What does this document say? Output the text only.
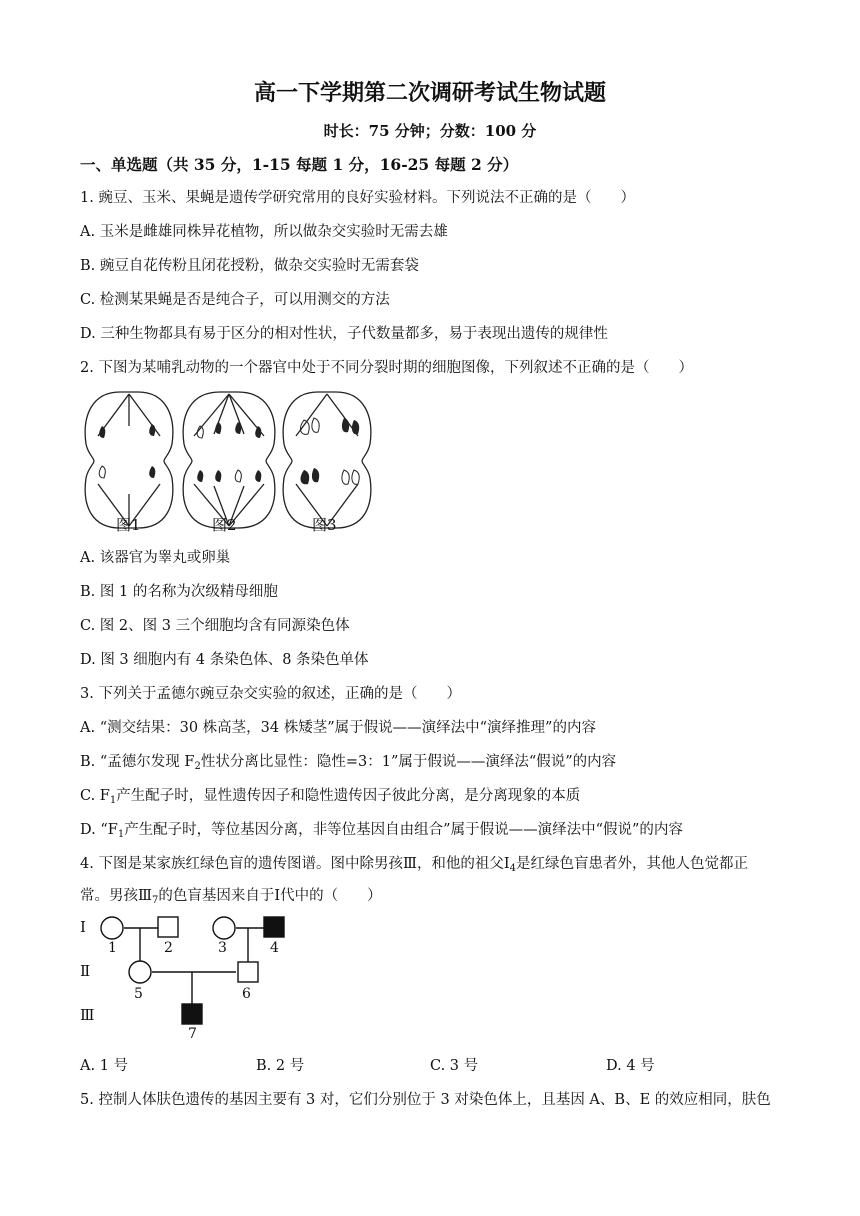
高一下学期第二次调研考试生物试题
时长：75 分钟；分数：100 分
一、单选题（共 35 分，1-15 每题 1 分，16-25 每题 2 分）
1. 豌豆、玉米、果蝇是遗传学研究常用的良好实验材料。下列说法不正确的是（　　）
A. 玉米是雌雄同株异花植物，所以做杂交实验时无需去雄
B. 豌豆自花传粉且闭花授粉，做杂交实验时无需套袋
C. 检测某果蝇是否是纯合子，可以用测交的方法
D. 三种生物都具有易于区分的相对性状，子代数量都多，易于表现出遗传的规律性
2. 下图为某哺乳动物的一个器官中处于不同分裂时期的细胞图像，下列叙述不正确的是（　　）
图1	图2	图3
A. 该器官为睾丸或卵巢
B. 图 1 的名称为次级精母细胞
C. 图 2、图 3 三个细胞均含有同源染色体
D. 图 3 细胞内有 4 条染色体、8 条染色单体
3. 下列关于孟德尔豌豆杂交实验的叙述，正确的是（　　）
A. “测交结果：30 株高茎，34 株矮茎”属于假说——演绎法中“演绎推理”的内容
B. “孟德尔发现 $F_2$性状分离比显性：隐性=3：1”属于假说——演绎法“假说”的内容
C. $F_1$产生配子时，显性遗传因子和隐性遗传因子彼此分离，是分离现象的本质
D. “$F_1$产生配子时，等位基因分离，非等位基因自由组合”属于假说——演绎法中“假说”的内容
4. 下图是某家族红绿色盲的遗传图谱。图中除男孩Ⅲ，和他的祖父$Ⅰ_4$是红绿色盲患者外，其他人色觉都正
常。男孩$Ⅲ_7$的色盲基因来自于Ⅰ代中的（　　）
Ⅰ
Ⅱ
Ⅲ
1	2	3	4
5	6
7
A. 1 号	B. 2 号	C. 3 号	D. 4 号
5. 控制人体肤色遗传的基因主要有 3 对，它们分别位于 3 对染色体上，且基因 A、B、E 的效应相同，肤色
